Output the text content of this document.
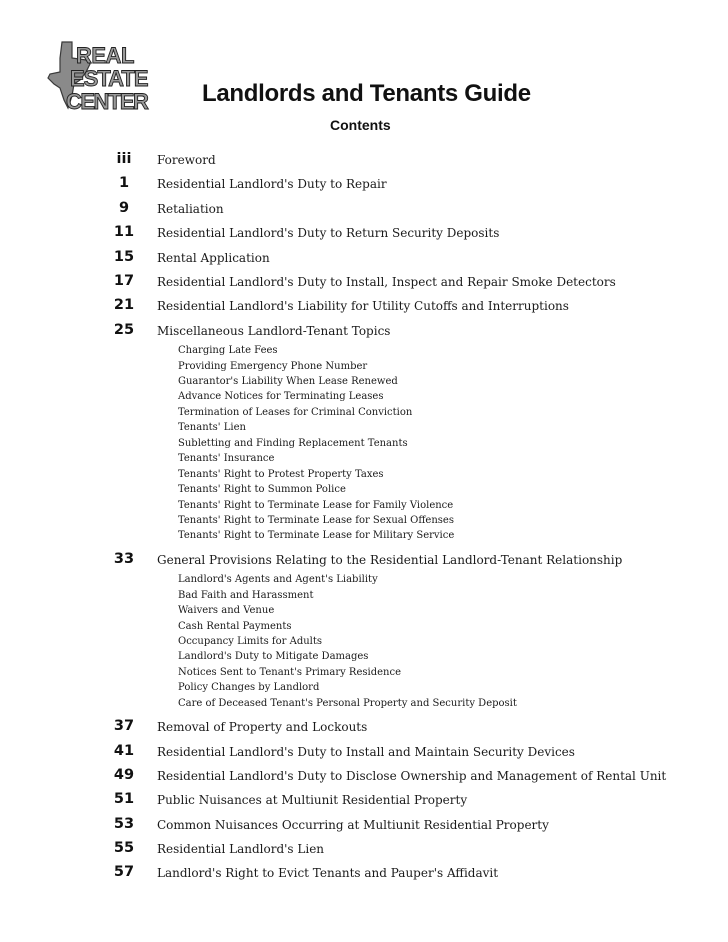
REAL
ESTATE
CENTER Landlords and Tenants Guide
Contents
iii	Foreword
1	Residential Landlord's Duty to Repair
9	Retaliation
11	Residential Landlord's Duty to Return Security Deposits
15	Rental Application
17	Residential Landlord's Duty to Install, Inspect and Repair Smoke Detectors
21	Residential Landlord's Liability for Utility Cutoffs and Interruptions
25	Miscellaneous Landlord-Tenant Topics
Charging Late Fees
Providing Emergency Phone Number
Guarantor's Liability When Lease Renewed
Advance Notices for Terminating Leases
Termination of Leases for Criminal Conviction
Tenants' Lien
Subletting and Finding Replacement Tenants
Tenants' Insurance
Tenants' Right to Protest Property Taxes
Tenants' Right to Summon Police
Tenants' Right to Terminate Lease for Family Violence
Tenants' Right to Terminate Lease for Sexual Offenses
Tenants' Right to Terminate Lease for Military Service
33	General Provisions Relating to the Residential Landlord-Tenant Relationship
Landlord's Agents and Agent's Liability
Bad Faith and Harassment
Waivers and Venue
Cash Rental Payments
Occupancy Limits for Adults
Landlord's Duty to Mitigate Damages
Notices Sent to Tenant's Primary Residence
Policy Changes by Landlord
Care of Deceased Tenant's Personal Property and Security Deposit
37	Removal of Property and Lockouts
41	Residential Landlord's Duty to Install and Maintain Security Devices
49	Residential Landlord's Duty to Disclose Ownership and Management of Rental Unit
51	Public Nuisances at Multiunit Residential Property
53	Common Nuisances Occurring at Multiunit Residential Property
55	Residential Landlord's Lien
57	Landlord's Right to Evict Tenants and Pauper's Affidavit
